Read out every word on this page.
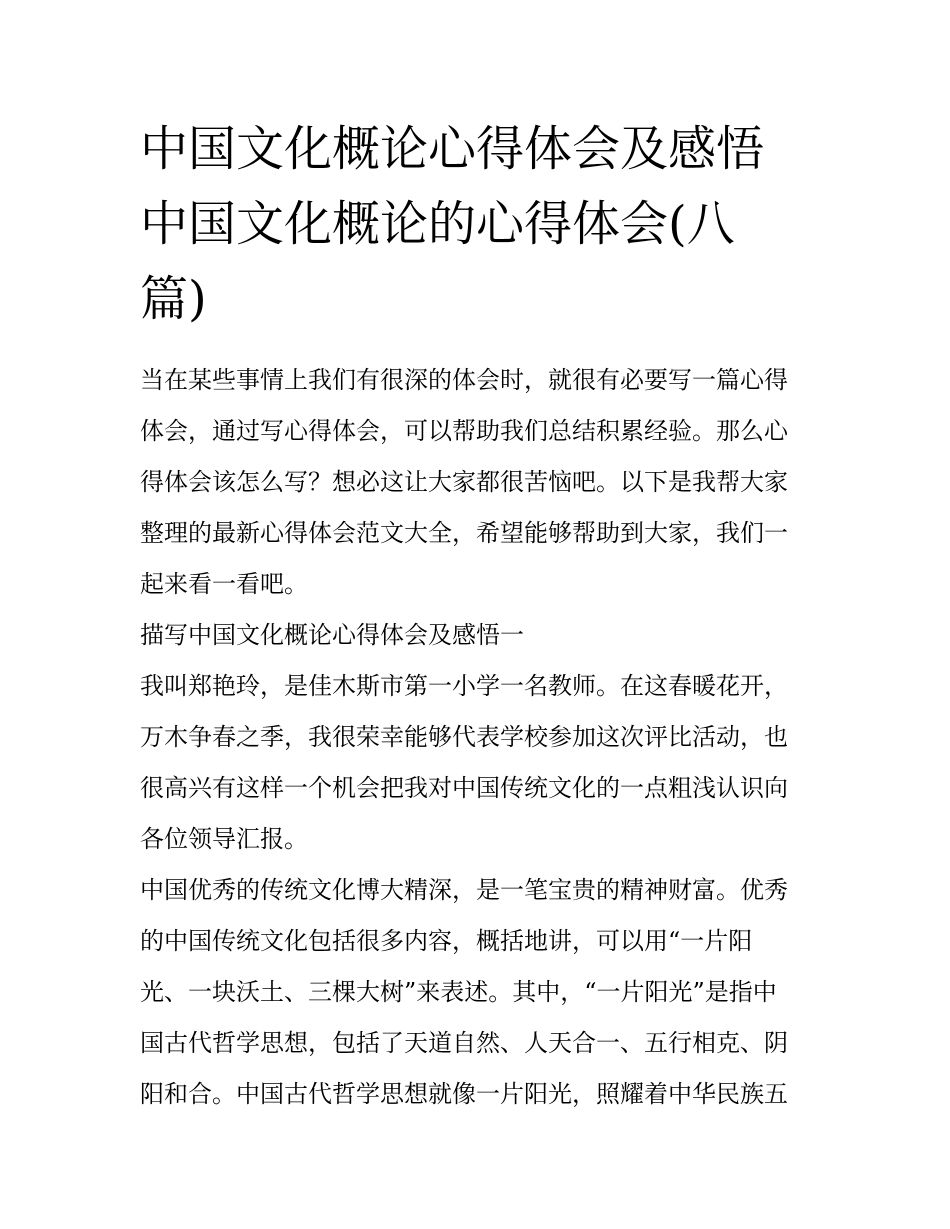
中国文化概论心得体会及感悟
中国文化概论的心得体会(八
篇)
当在某些事情上我们有很深的体会时，就很有必要写一篇心得
体会，通过写心得体会，可以帮助我们总结积累经验。那么心
得体会该怎么写？想必这让大家都很苦恼吧。以下是我帮大家
整理的最新心得体会范文大全，希望能够帮助到大家，我们一
起来看一看吧。
描写中国文化概论心得体会及感悟一
我叫郑艳玲，是佳木斯市第一小学一名教师。在这春暖花开，
万木争春之季，我很荣幸能够代表学校参加这次评比活动，也
很高兴有这样一个机会把我对中国传统文化的一点粗浅认识向
各位领导汇报。
中国优秀的传统文化博大精深，是一笔宝贵的精神财富。优秀
的中国传统文化包括很多内容，概括地讲，可以用“一片阳
光、一块沃土、三棵大树”来表述。其中，“一片阳光”是指中
国古代哲学思想，包括了天道自然、人天合一、五行相克、阴
阳和合。中国古代哲学思想就像一片阳光，照耀着中华民族五
